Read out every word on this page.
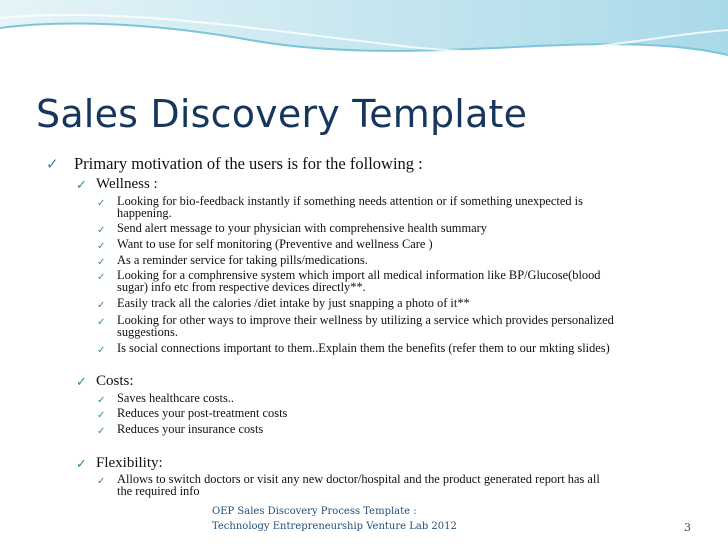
Sales Discovery Template
✓ Primary motivation of the users is for the following :
✓ Wellness :
✓ Looking for bio-feedback instantly if something needs attention or if something unexpected is
happening.
✓ Send alert message to your physician with comprehensive health summary
✓ Want to use for self monitoring (Preventive and wellness Care )
✓ As a reminder service for taking pills/medications.
✓ Looking for a comphrensive system which import all medical information like BP/Glucose(blood
sugar) info etc from respective devices directly**.
✓ Easily track all the calories /diet intake by just snapping a photo of it**
✓ Looking for other ways to improve their wellness by utilizing a service which provides personalized
suggestions.
✓ Is social connections important to them..Explain them the benefits (refer them to our mkting slides)
✓ Costs:
✓ Saves healthcare costs..
✓ Reduces your post-treatment costs
✓ Reduces your insurance costs
✓ Flexibility:
✓ Allows to switch doctors or visit any new doctor/hospital and the product generated report has all
the required info
OEP Sales Discovery Process Template :
Technology Entrepreneurship Venture Lab 2012	3
